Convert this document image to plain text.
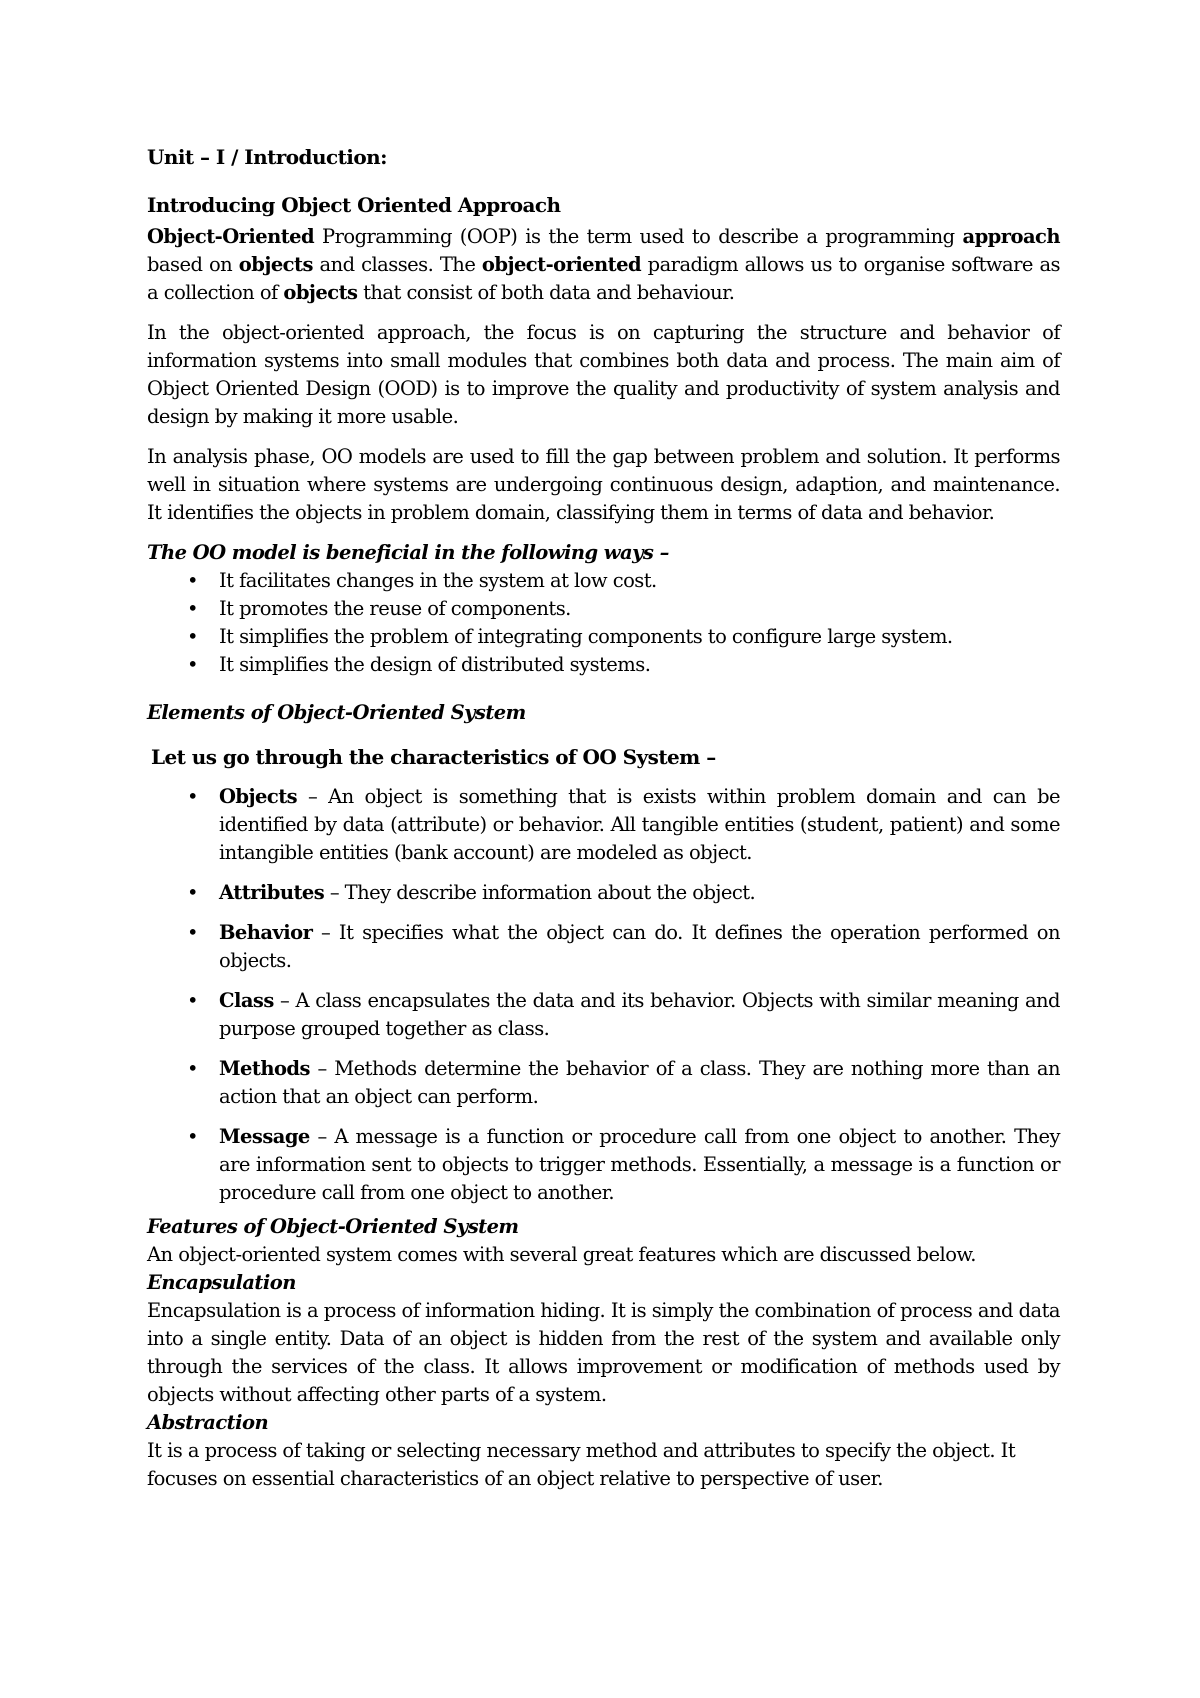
Unit – I / Introduction:

Introducing Object Oriented Approach

Object-Oriented Programming (OOP) is the term used to describe a programming approach based on objects and classes. The object-oriented paradigm allows us to organise software as a collection of objects that consist of both data and behaviour.

In the object-oriented approach, the focus is on capturing the structure and behavior of information systems into small modules that combines both data and process. The main aim of Object Oriented Design (OOD) is to improve the quality and productivity of system analysis and design by making it more usable.

In analysis phase, OO models are used to fill the gap between problem and solution. It performs well in situation where systems are undergoing continuous design, adaption, and maintenance. It identifies the objects in problem domain, classifying them in terms of data and behavior.

The OO model is beneficial in the following ways –

• It facilitates changes in the system at low cost.
• It promotes the reuse of components.
• It simplifies the problem of integrating components to configure large system.
• It simplifies the design of distributed systems.

Elements of Object-Oriented System

Let us go through the characteristics of OO System –

• Objects – An object is something that is exists within problem domain and can be identified by data (attribute) or behavior. All tangible entities (student, patient) and some intangible entities (bank account) are modeled as object.
• Attributes – They describe information about the object.
• Behavior – It specifies what the object can do. It defines the operation performed on objects.
• Class – A class encapsulates the data and its behavior. Objects with similar meaning and purpose grouped together as class.
• Methods – Methods determine the behavior of a class. They are nothing more than an action that an object can perform.
• Message – A message is a function or procedure call from one object to another. They are information sent to objects to trigger methods. Essentially, a message is a function or procedure call from one object to another.

Features of Object-Oriented System

An object-oriented system comes with several great features which are discussed below.

Encapsulation

Encapsulation is a process of information hiding. It is simply the combination of process and data into a single entity. Data of an object is hidden from the rest of the system and available only through the services of the class. It allows improvement or modification of methods used by objects without affecting other parts of a system.

Abstraction

It is a process of taking or selecting necessary method and attributes to specify the object. It focuses on essential characteristics of an object relative to perspective of user.
